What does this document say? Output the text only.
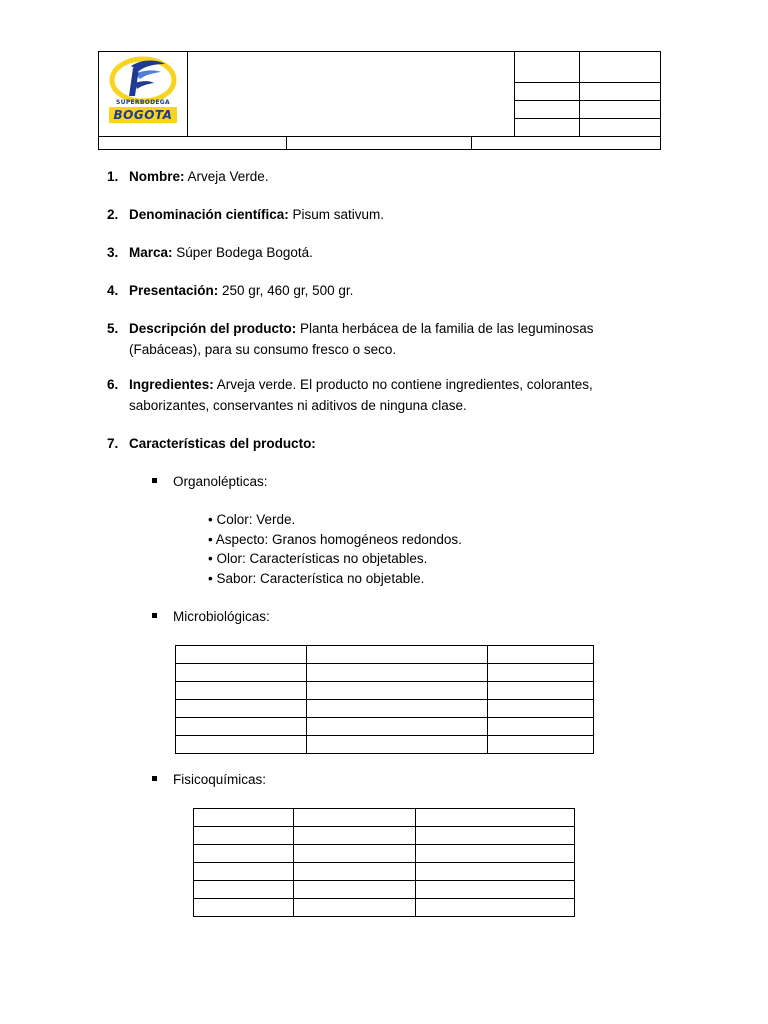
SUPERBODEGA
BOGOTA			

1. Nombre: Arveja Verde.
2. Denominación científica: Pisum sativum.
3. Marca: Súper Bodega Bogotá.
4. Presentación: 250 gr, 460 gr, 500 gr.
5. Descripción del producto: Planta herbácea de la familia de las leguminosas (Fabáceas), para su consumo fresco o seco.
6. Ingredientes: Arveja verde. El producto no contiene ingredientes, colorantes, saborizantes, conservantes ni aditivos de ninguna clase.
7. Características del producto:
Organolépticas:
• Color: Verde.
• Aspecto: Granos homogéneos redondos.
• Olor: Características no objetables.
• Sabor: Característica no objetable.
Microbiológicas:

Fisicoquímicas:
